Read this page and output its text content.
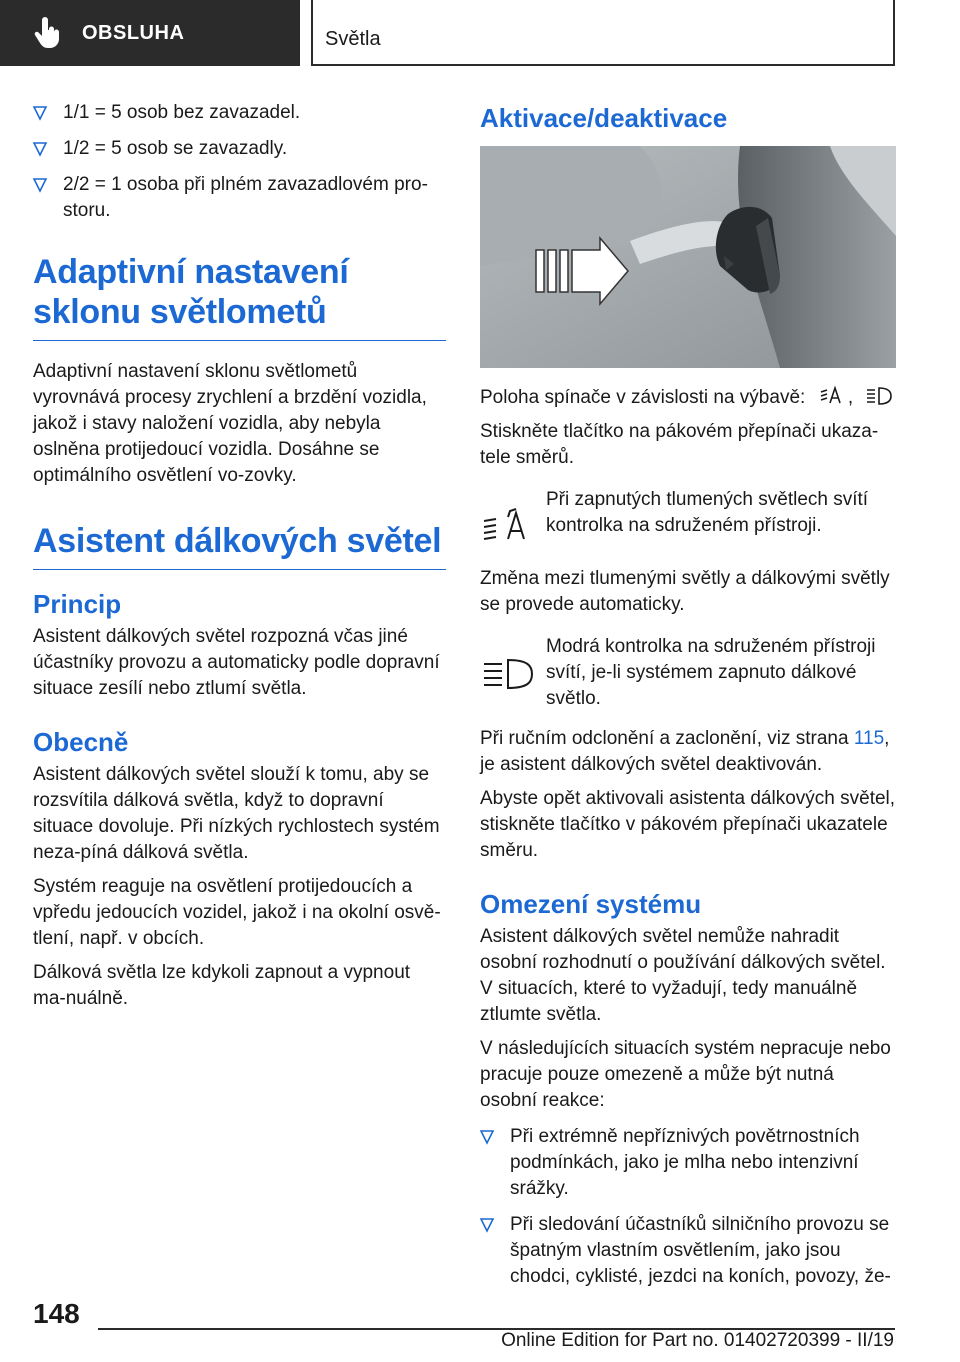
OBSLUHA	Světla
1/1 = 5 osob bez zavazadel.
1/2 = 5 osob se zavazadly.
2/2 = 1 osoba při plném zavazadlovém pro-storu.
Adaptivní nastavení sklonu světlometů

Adaptivní nastavení sklonu světlometů vyrovnává procesy zrychlení a brzdění vozidla, jakož i stavy naložení vozidla, aby nebyla oslněna protijedoucí vozidla. Dosáhne se optimálního osvětlení vo-zovky.

Asistent dálkových světel
Princip

Asistent dálkových světel rozpozná včas jiné účastníky provozu a automaticky podle dopravní situace zesílí nebo ztlumí světla.

Obecně

Asistent dálkových světel slouží k tomu, aby se rozsvítila dálková světla, když to dopravní situace dovoluje. Při nízkých rychlostech systém neza-píná dálková světla.

Systém reaguje na osvětlení protijedoucích a vpředu jedoucích vozidel, jakož i na okolní osvě-tlení, např. v obcích.

Dálková světla lze kdykoli zapnout a vypnout ma-nuálně.

Aktivace/deaktivace

Poloha spínače v závislosti na výbavě: ,

Stiskněte tlačítko na pákovém přepínači ukaza-tele směrů.

Při zapnutých tlumených světlech svítí kontrolka na sdruženém přístroji.

Změna mezi tlumenými světly a dálkovými světly se provede automaticky.

Modrá kontrolka na sdruženém přístroji svítí, je-li systémem zapnuto dálkové světlo.

Při ručním odclonění a zaclonění, viz strana 115, je asistent dálkových světel deaktivován.

Abyste opět aktivovali asistenta dálkových světel, stiskněte tlačítko v pákovém přepínači ukazatele směru.

Omezení systému

Asistent dálkových světel nemůže nahradit osobní rozhodnutí o používání dálkových světel. V situacích, které to vyžadují, tedy manuálně ztlumte světla.

V následujících situacích systém nepracuje nebo pracuje pouze omezeně a může být nutná osobní reakce:

Při extrémně nepříznivých povětrnostních podmínkách, jako je mlha nebo intenzivní srážky.
Při sledování účastníků silničního provozu se špatným vlastním osvětlením, jako jsou chodci, cyklisté, jezdci na koních, povozy, že-
148
Online Edition for Part no. 01402720399 - II/19
